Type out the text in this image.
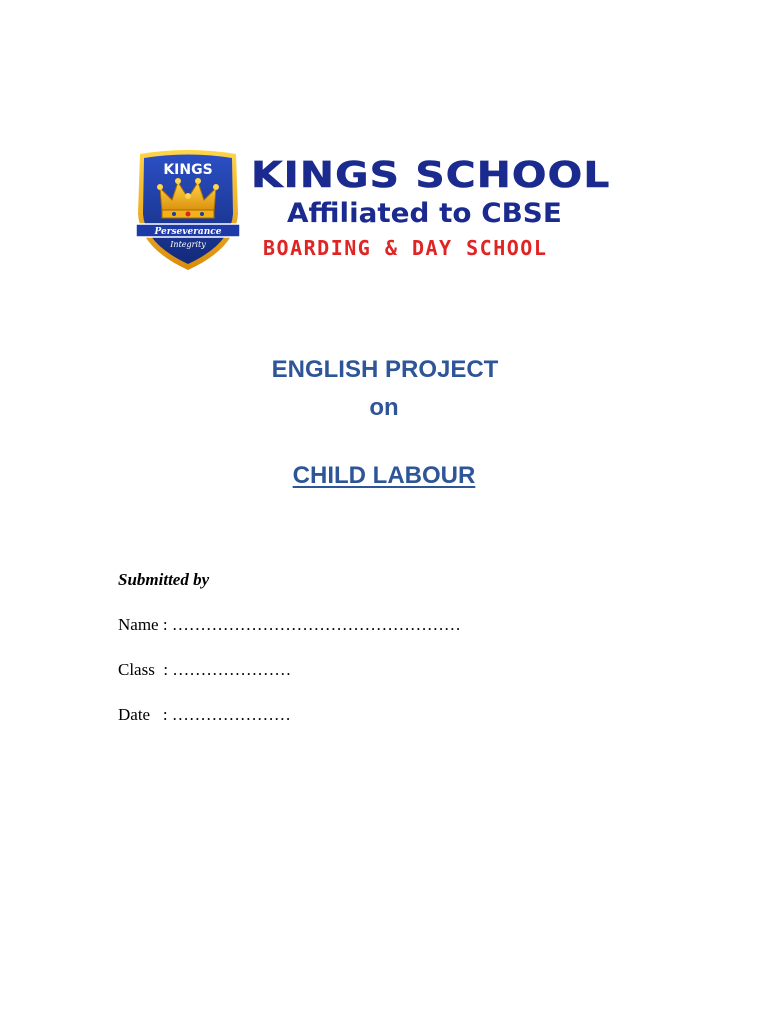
KINGS
Perseverance
Integrity
KINGS SCHOOL
Affiliated to CBSE
BOARDING & DAY SCHOOL
ENGLISH PROJECT
on
CHILD LABOUR
Submitted by
Name : ……………………………………………
Class  : …………………
Date   : …………………
